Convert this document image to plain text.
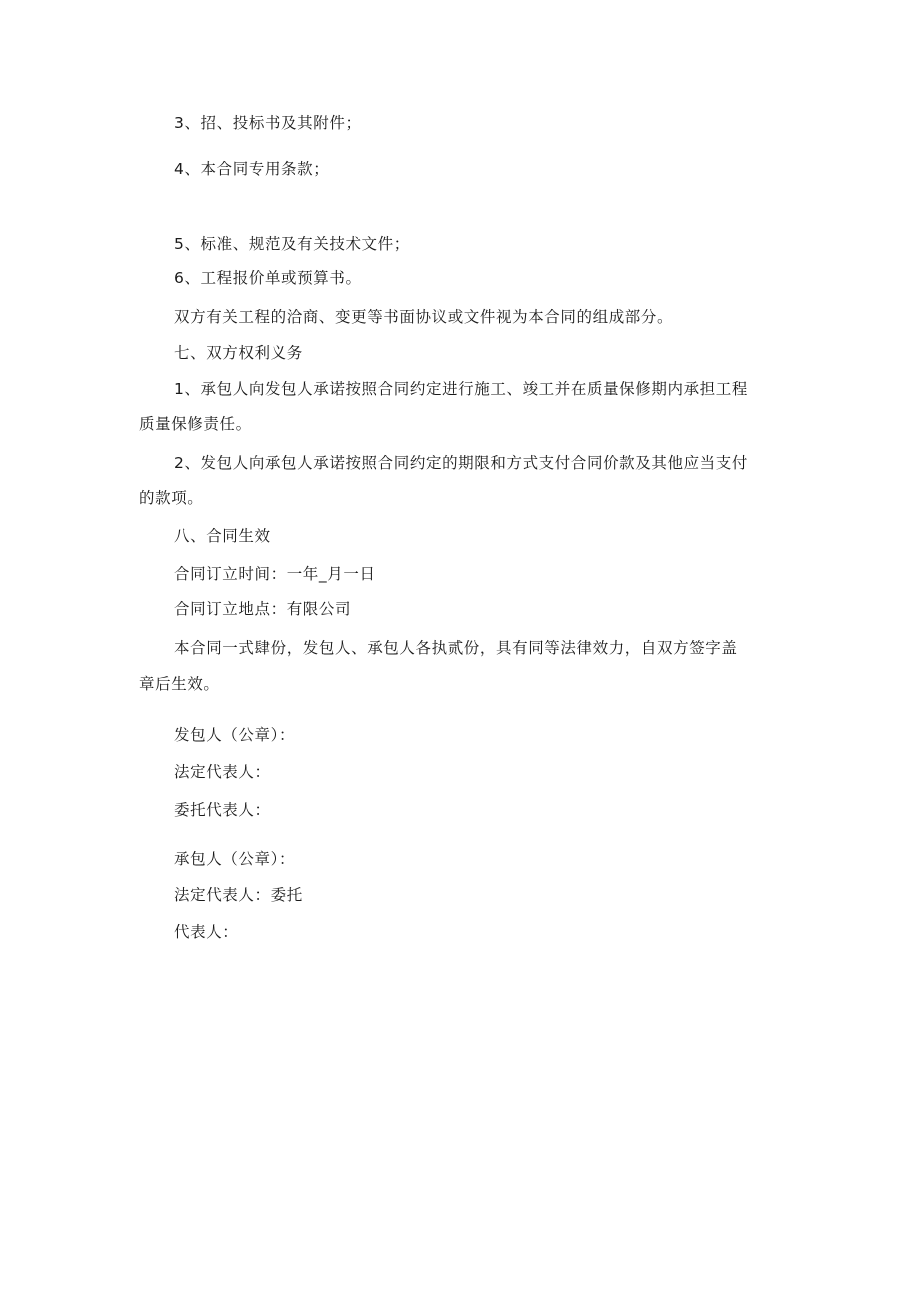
3、招、投标书及其附件；
4、本合同专用条款；
5、标准、规范及有关技术文件；
6、工程报价单或预算书。
双方有关工程的洽商、变更等书面协议或文件视为本合同的组成部分。
七、双方权利义务
1、承包人向发包人承诺按照合同约定进行施工、竣工并在质量保修期内承担工程
质量保修责任。
2、发包人向承包人承诺按照合同约定的期限和方式支付合同价款及其他应当支付
的款项。
八、合同生效
合同订立时间：一年_月一日
合同订立地点：有限公司
本合同一式肆份，发包人、承包人各执贰份，具有同等法律效力，自双方签字盖
章后生效。
发包人（公章）：
法定代表人：
委托代表人：
承包人（公章）：
法定代表人：委托
代表人：
